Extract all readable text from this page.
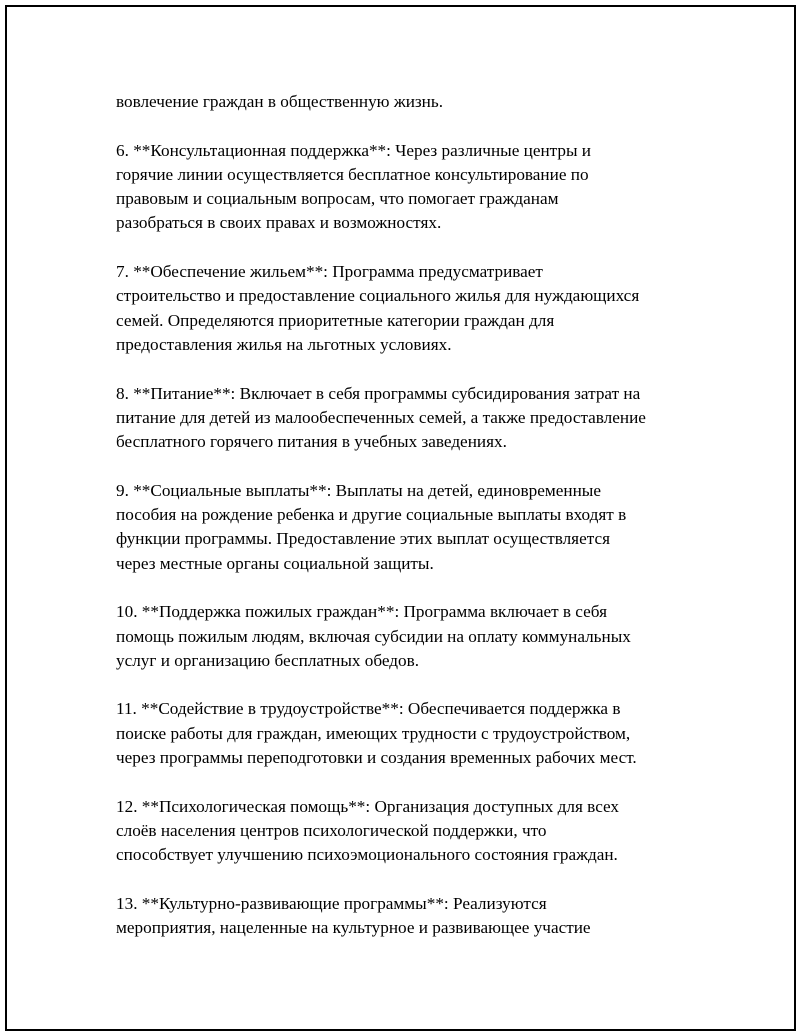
вовлечение граждан в общественную жизнь.

6. **Консультационная поддержка**: Через различные центры и
горячие линии осуществляется бесплатное консультирование по
правовым и социальным вопросам, что помогает гражданам
разобраться в своих правах и возможностях.

7. **Обеспечение жильем**: Программа предусматривает
строительство и предоставление социального жилья для нуждающихся
семей. Определяются приоритетные категории граждан для
предоставления жилья на льготных условиях.

8. **Питание**: Включает в себя программы субсидирования затрат на
питание для детей из малообеспеченных семей, а также предоставление
бесплатного горячего питания в учебных заведениях.

9. **Социальные выплаты**: Выплаты на детей, единовременные
пособия на рождение ребенка и другие социальные выплаты входят в
функции программы. Предоставление этих выплат осуществляется
через местные органы социальной защиты.

10. **Поддержка пожилых граждан**: Программа включает в себя
помощь пожилым людям, включая субсидии на оплату коммунальных
услуг и организацию бесплатных обедов.

11. **Содействие в трудоустройстве**: Обеспечивается поддержка в
поиске работы для граждан, имеющих трудности с трудоустройством,
через программы переподготовки и создания временных рабочих мест.

12. **Психологическая помощь**: Организация доступных для всех
слоёв населения центров психологической поддержки, что
способствует улучшению психоэмоционального состояния граждан.

13. **Культурно-развивающие программы**: Реализуются
мероприятия, нацеленные на культурное и развивающее участие
